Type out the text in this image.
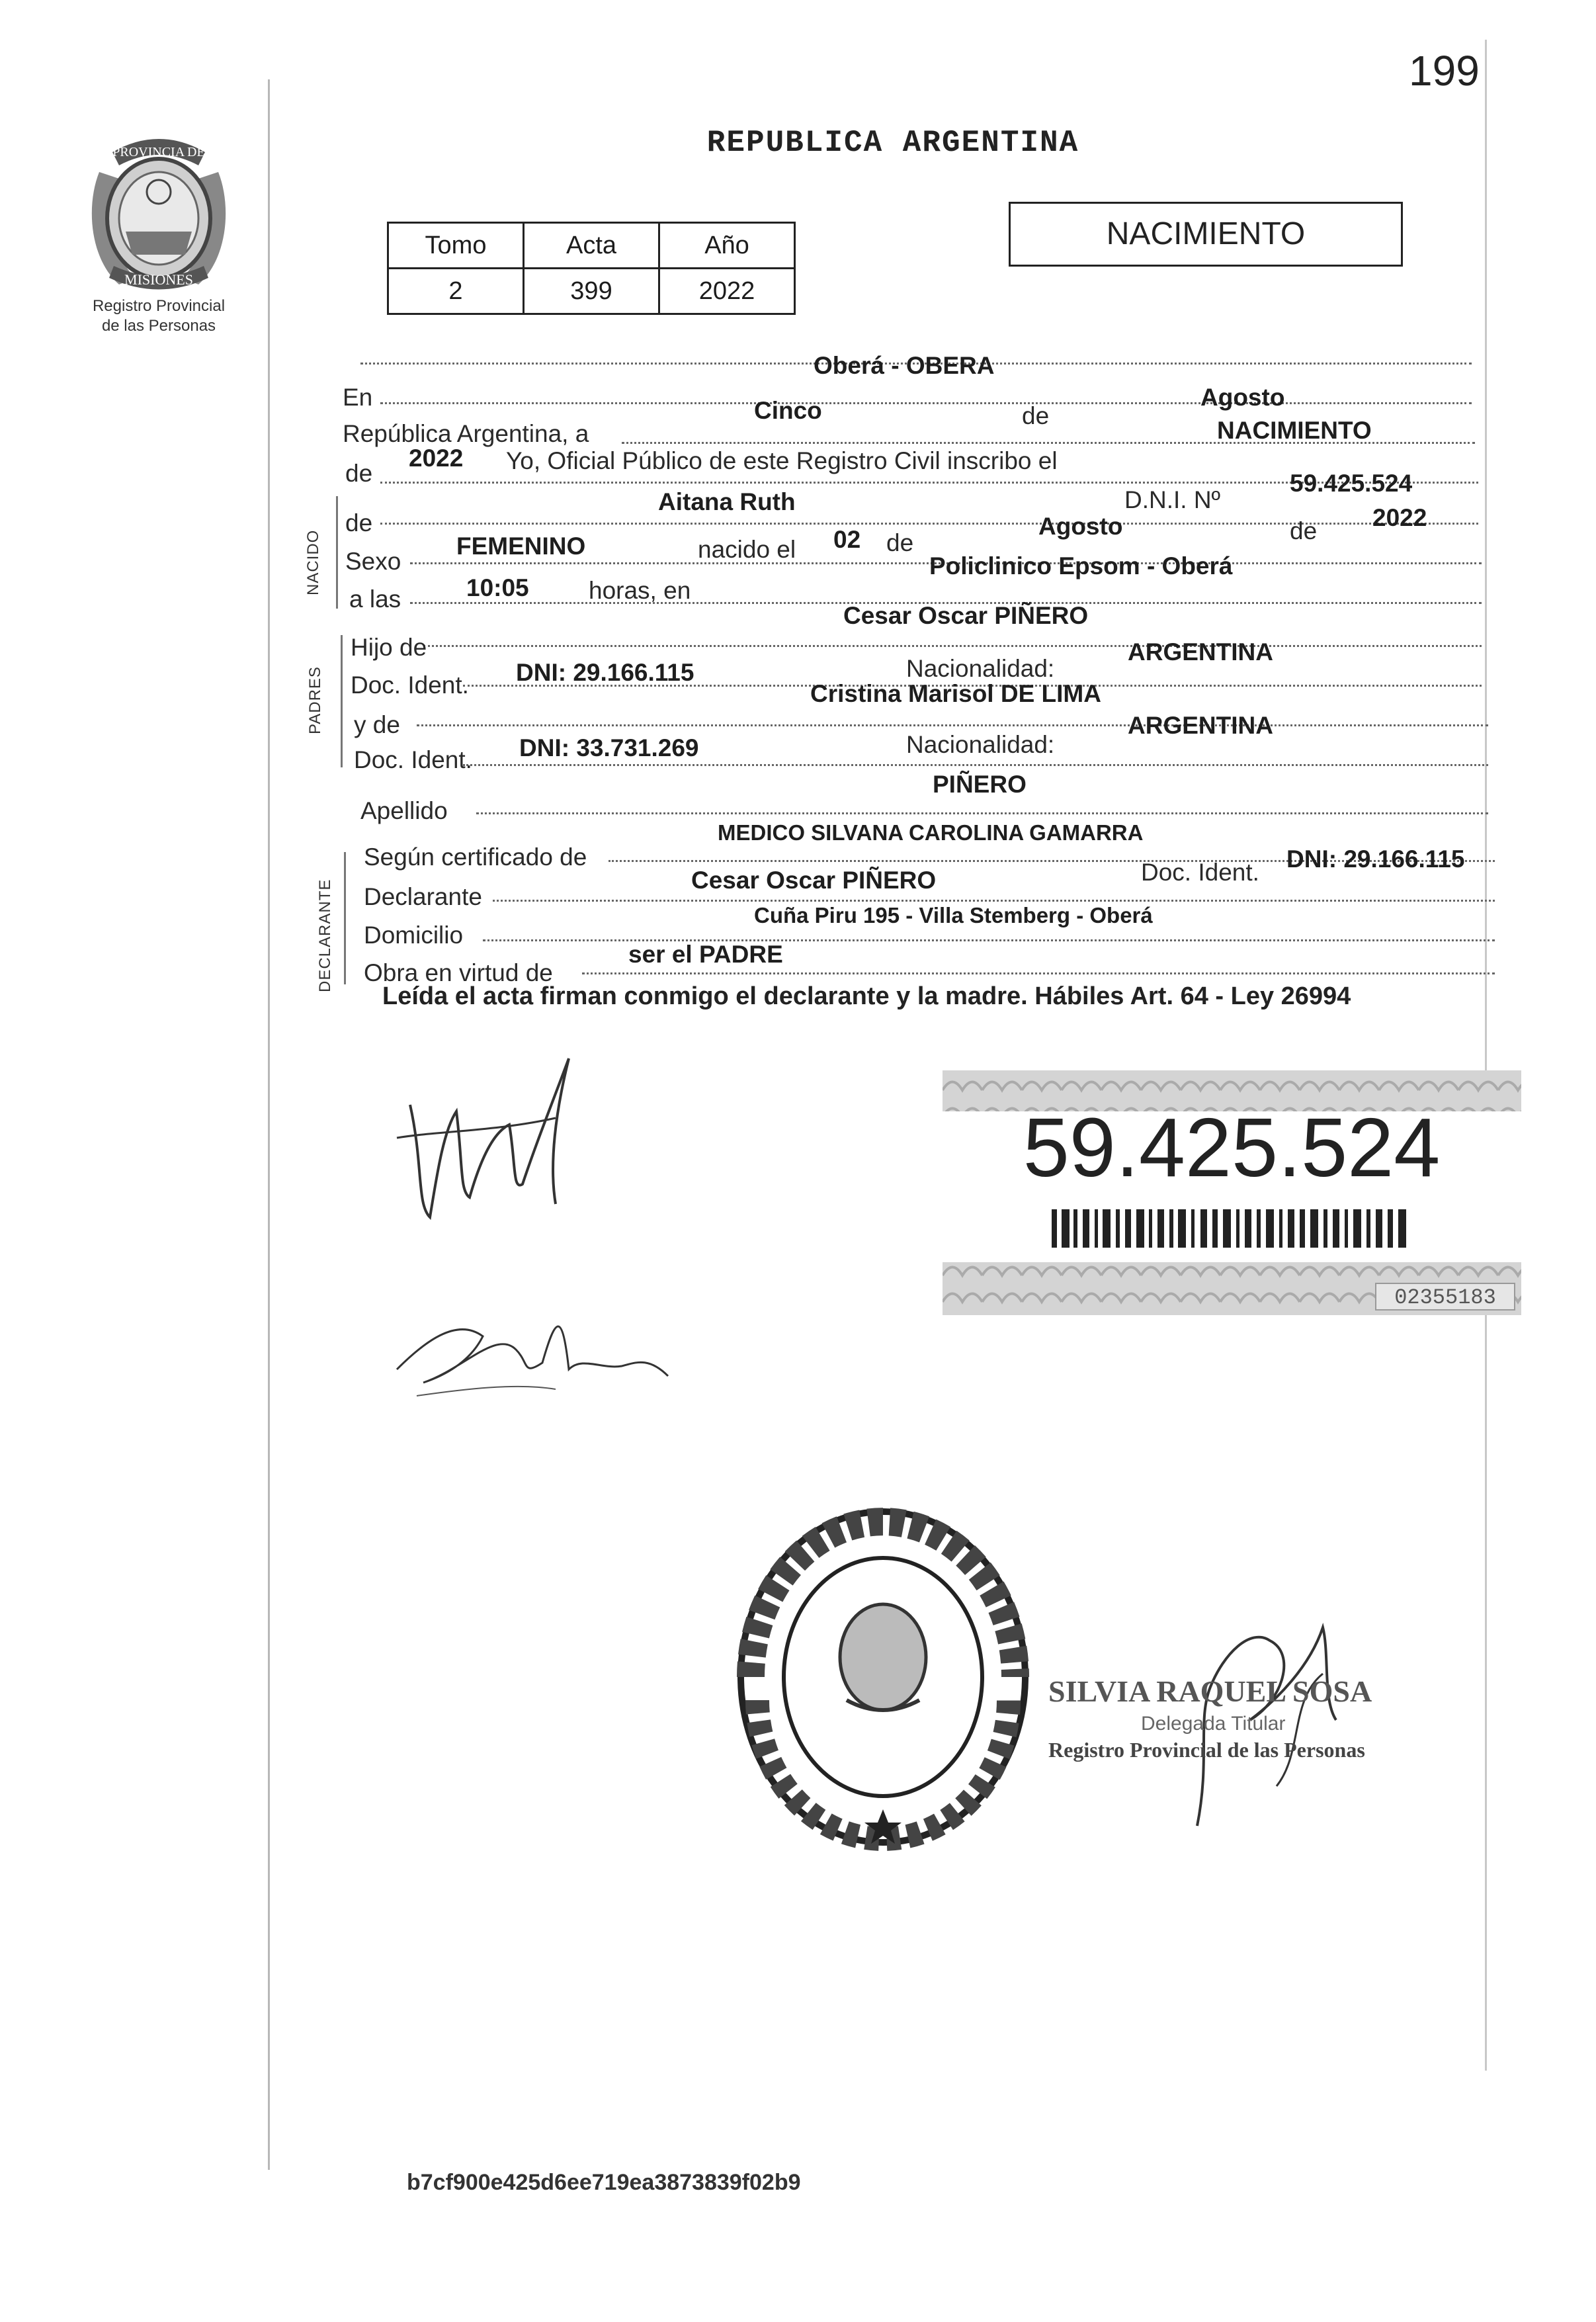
199
PROVINCIA DE
MISIONES
Registro Provincial
de las Personas
REPUBLICA ARGENTINA
Tomo	Acta	Año
2	399	2022
NACIMIENTO
En
Oberá - OBERA
República Argentina, a
Cinco	de
Agosto
de
2022 Yo, Oficial Público de este Registro Civil inscribo el
NACIMIENTO
NACIDO
de
Aitana Ruth	D.N.I. Nº
59.425.524
Sexo
FEMENINO	nacido el 02 de
Agosto	de 2022
a las	10:05 horas, en
Policlinico Epsom - Oberá
PADRES
Hijo de
Cesar Oscar PIÑERO
Doc. Ident. DNI: 29.166.115	Nacionalidad:
ARGENTINA
y de
Cristina Marisol DE LIMA
Doc. Ident. DNI: 33.731.269	Nacionalidad:
ARGENTINA
Apellido
PIÑERO
DECLARANTE
Según certificado de
MEDICO SILVANA CAROLINA GAMARRA
Declarante
Cesar Oscar PIÑERO	Doc. Ident. DNI: 29.166.115
Domicilio
Cuña Piru 195 - Villa Stemberg - Oberá
Obra en virtud de
ser el PADRE
Leída el acta firman conmigo el declarante y la madre. Hábiles Art. 64 - Ley 26994
59.425.524
02355183
SILVIA RAQUEL SOSA
Delegada Titular
Registro Provincial de las Personas
b7cf900e425d6ee719ea3873839f02b9
